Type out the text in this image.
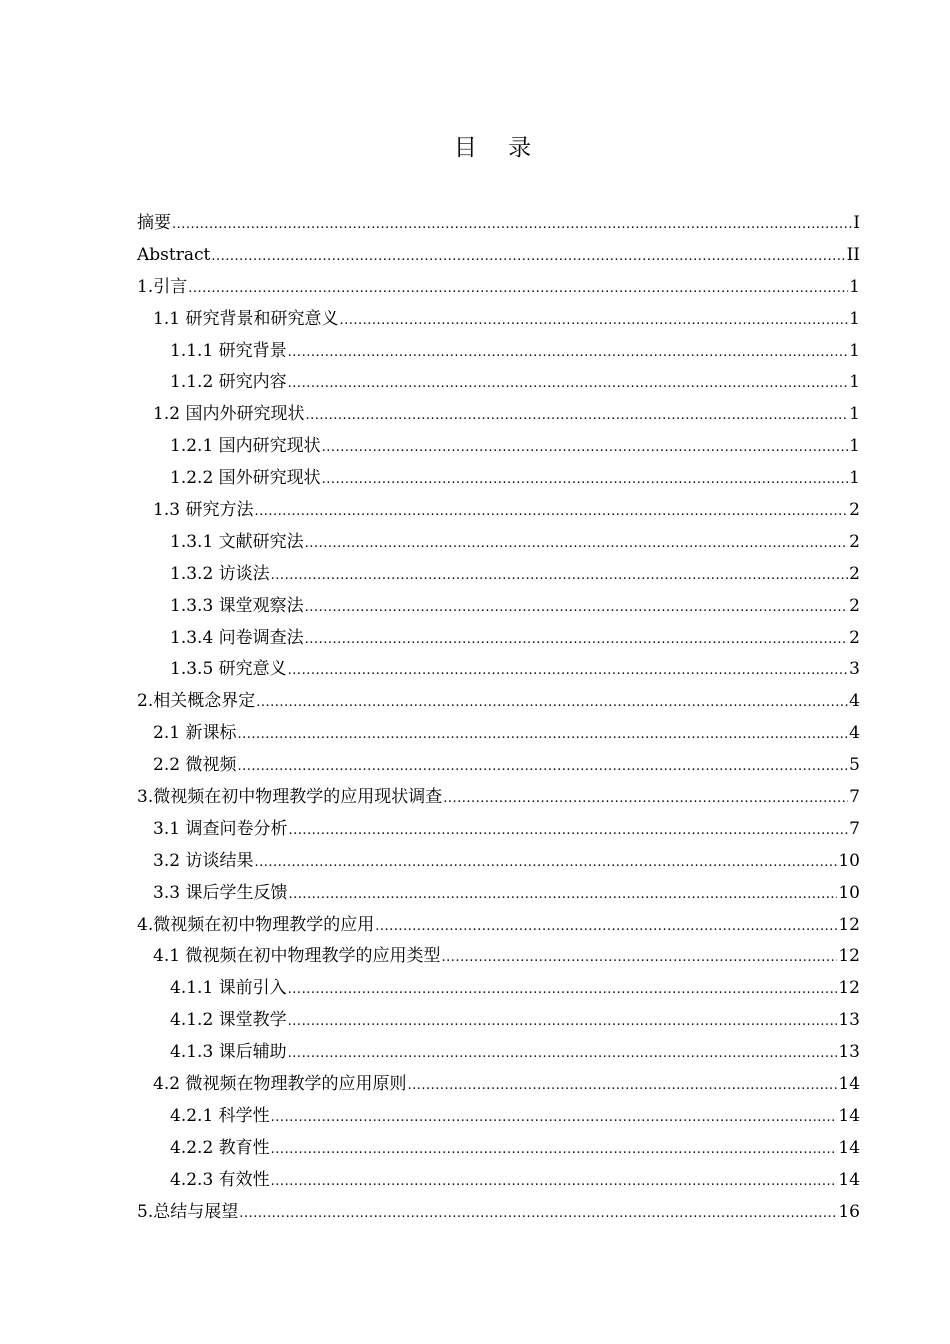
目 录
摘要 .....	I
Abstract .....	II
1.引言 .....	1
1.1 研究背景和研究意义 .....	1
1.1.1 研究背景 .....	1
1.1.2 研究内容 .....	1
1.2 国内外研究现状 .....	1
1.2.1 国内研究现状 .....	1
1.2.2 国外研究现状 .....	1
1.3 研究方法 .....	2
1.3.1 文献研究法 .....	2
1.3.2 访谈法 .....	2
1.3.3 课堂观察法 .....	2
1.3.4 问卷调查法 .....	2
1.3.5 研究意义 .....	3
2.相关概念界定 .....	4
2.1 新课标 .....	4
2.2 微视频 .....	5
3.微视频在初中物理教学的应用现状调查 .....	7
3.1 调查问卷分析 .....	7
3.2 访谈结果 .....	10
3.3 课后学生反馈 .....	10
4.微视频在初中物理教学的应用 .....	12
4.1 微视频在初中物理教学的应用类型 .....	12
4.1.1 课前引入 .....	12
4.1.2 课堂教学 .....	13
4.1.3 课后辅助 .....	13
4.2 微视频在物理教学的应用原则 .....	14
4.2.1 科学性 .....	14
4.2.2 教育性 .....	14
4.2.3 有效性 .....	14
5.总结与展望 .....	16
